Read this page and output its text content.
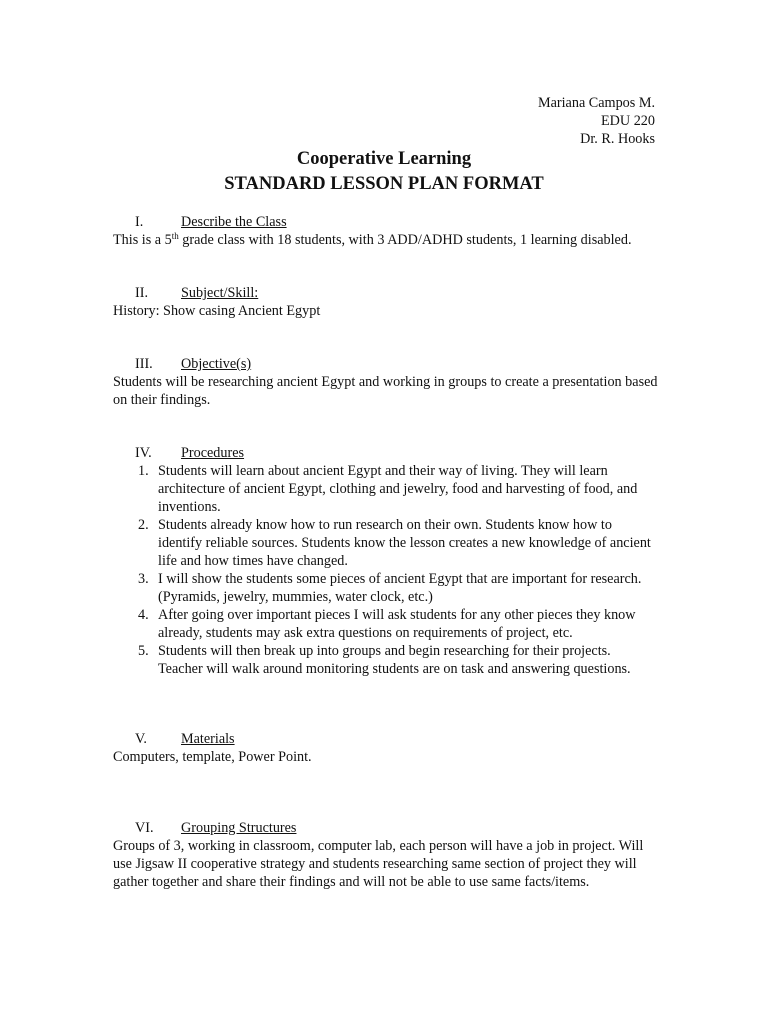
Mariana Campos M.
EDU 220
Dr. R. Hooks
Cooperative Learning
STANDARD LESSON PLAN FORMAT
I.	Describe the Class

This is a 5th grade class with 18 students, with 3 ADD/ADHD students, 1 learning disabled.

II. Subject/Skill:

History: Show casing Ancient Egypt

III. Objective(s)

Students will be researching ancient Egypt and working in groups to create a presentation based on their findings.

IV. Procedures
1. Students will learn about ancient Egypt and their way of living. They will learn architecture of ancient Egypt, clothing and jewelry, food and harvesting of food, and inventions.
2. Students already know how to run research on their own. Students know how to identify reliable sources. Students know the lesson creates a new knowledge of ancient life and how times have changed.
3. I will show the students some pieces of ancient Egypt that are important for research. (Pyramids, jewelry, mummies, water clock, etc.)
4. After going over important pieces I will ask students for any other pieces they know already, students may ask extra questions on requirements of project, etc.
5. Students will then break up into groups and begin researching for their projects. Teacher will walk around monitoring students are on task and answering questions.
V. Materials

Computers, template, Power Point.

VI. Grouping Structures

Groups of 3, working in classroom, computer lab, each person will have a job in project. Will use Jigsaw II cooperative strategy and students researching same section of project they will gather together and share their findings and will not be able to use same facts/items.
